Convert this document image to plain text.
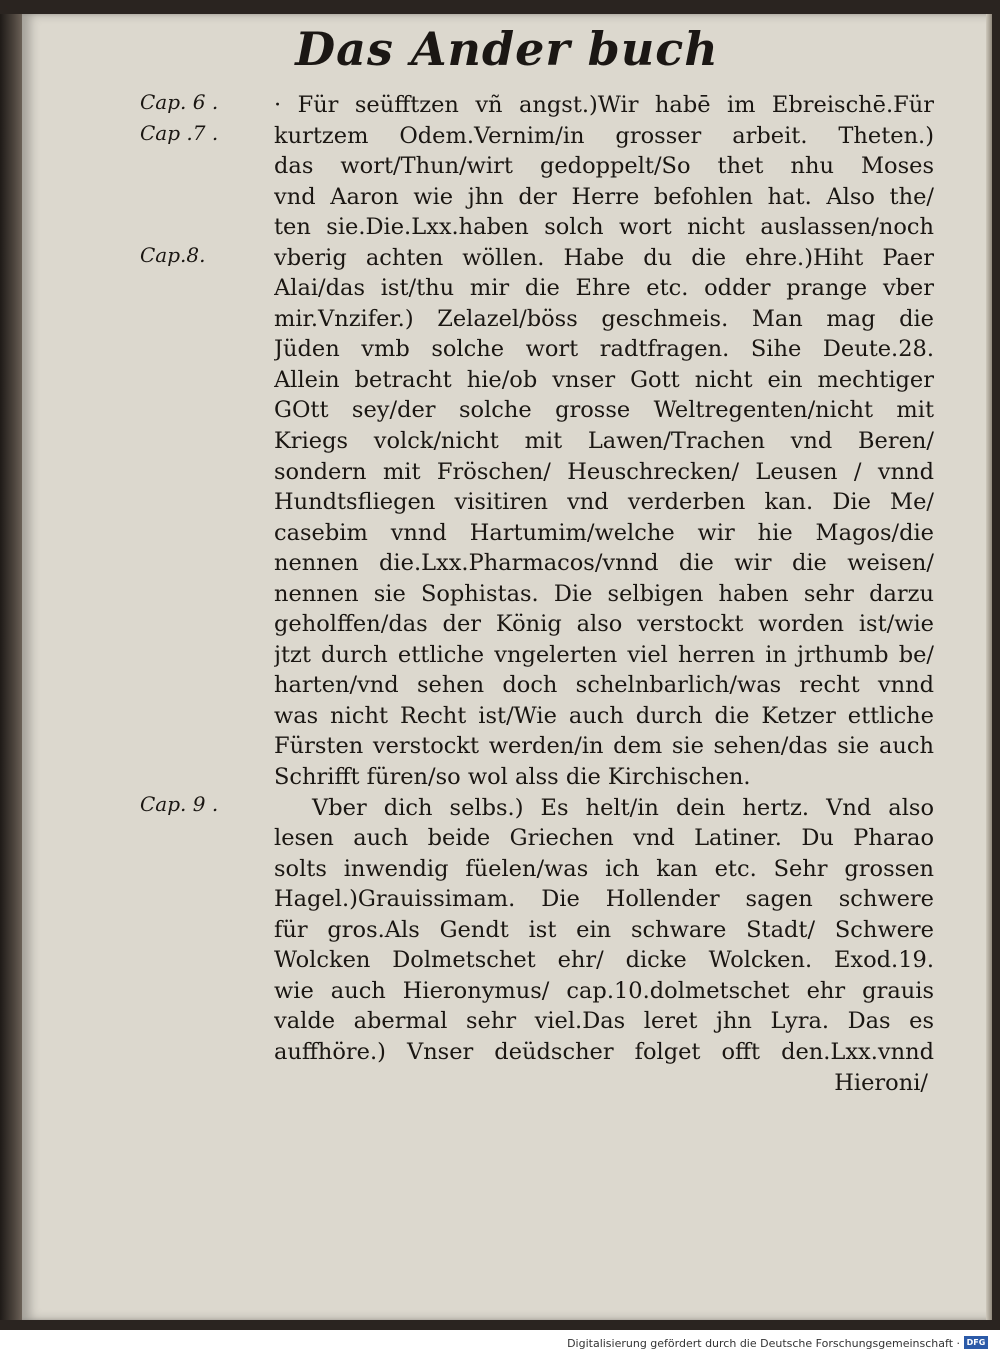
Das Ander buch
Cap. 6 .
Cap .7 .
Cap.8.
Cap. 9 .
· Für seüfftzen vñ angst.)Wir habē im Ebreischē.Für
kurtzem Odem.Vernim/in grosser arbeit. Theten.)
das wort/Thun/wirt gedoppelt/So thet nhu Moses
vnd Aaron wie jhn der Herre befohlen hat. Also the/
ten sie.Die.Lxx.haben solch wort nicht auslassen/noch
vberig achten wöllen. Habe du die ehre.)Hiht Paer
Alai/das ist/thu mir die Ehre etc. odder prange vber
mir.Vnzifer.) Zelazel/böss geschmeis. Man mag die
Jüden vmb solche wort radtfragen. Sihe Deute.28.
Allein betracht hie/ob vnser Gott nicht ein mechtiger
GOtt sey/der solche grosse Weltregenten/nicht mit
Kriegs volck/nicht mit Lawen/Trachen vnd Beren/
sondern mit Fröschen/ Heuschrecken/ Leusen / vnnd
Hundtsfliegen visitiren vnd verderben kan. Die Me/
casebim vnnd Hartumim/welche wir hie Magos/die
nennen die.Lxx.Pharmacos/vnnd die wir die weisen/
nennen sie Sophistas. Die selbigen haben sehr darzu
geholffen/das der König also verstockt worden ist/wie
jtzt durch ettliche vngelerten viel herren in jrthumb be/
harten/vnd sehen doch schelnbarlich/was recht vnnd
was nicht Recht ist/Wie auch durch die Ketzer ettliche
Fürsten verstockt werden/in dem sie sehen/das sie auch
Schrifft füren/so wol alss die Kirchischen.
Vber dich selbs.) Es helt/in dein hertz. Vnd also
lesen auch beide Griechen vnd Latiner. Du Pharao
solts inwendig füelen/was ich kan etc. Sehr grossen
Hagel.)Grauissimam. Die Hollender sagen schwere
für gros.Als Gendt ist ein schware Stadt/ Schwere
Wolcken Dolmetschet ehr/ dicke Wolcken. Exod.19.
wie auch Hieronymus/ cap.10.dolmetschet ehr grauis
valde abermal sehr viel.Das leret jhn Lyra. Das es
auffhöre.) Vnser deüdscher folget offt den.Lxx.vnnd
Hieroni/
Digitalisierung gefördert durch die Deutsche Forschungsgemeinschaft · DFG
